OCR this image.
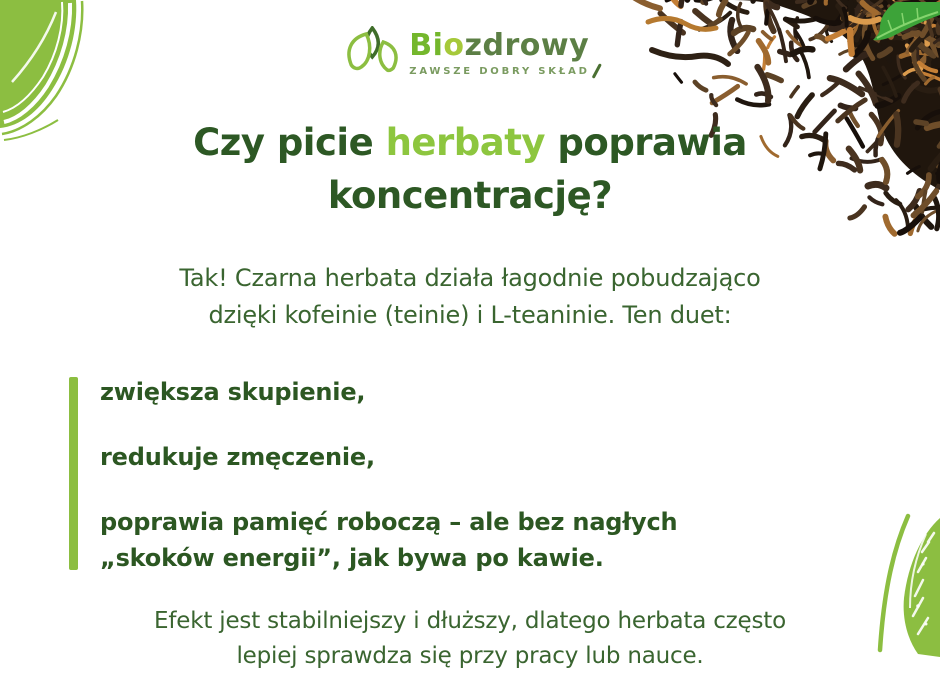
Biozdrowy
ZAWSZE DOBRY SKŁAD
Czy picie herbaty poprawia
koncentrację?
Tak! Czarna herbata działa łagodnie pobudzająco
dzięki kofeinie (teinie) i L-teaninie. Ten duet:
zwiększa skupienie,
redukuje zmęczenie,
poprawia pamięć roboczą – ale bez nagłych
„skoków energii”, jak bywa po kawie.
Efekt jest stabilniejszy i dłuższy, dlatego herbata często
lepiej sprawdza się przy pracy lub nauce.
